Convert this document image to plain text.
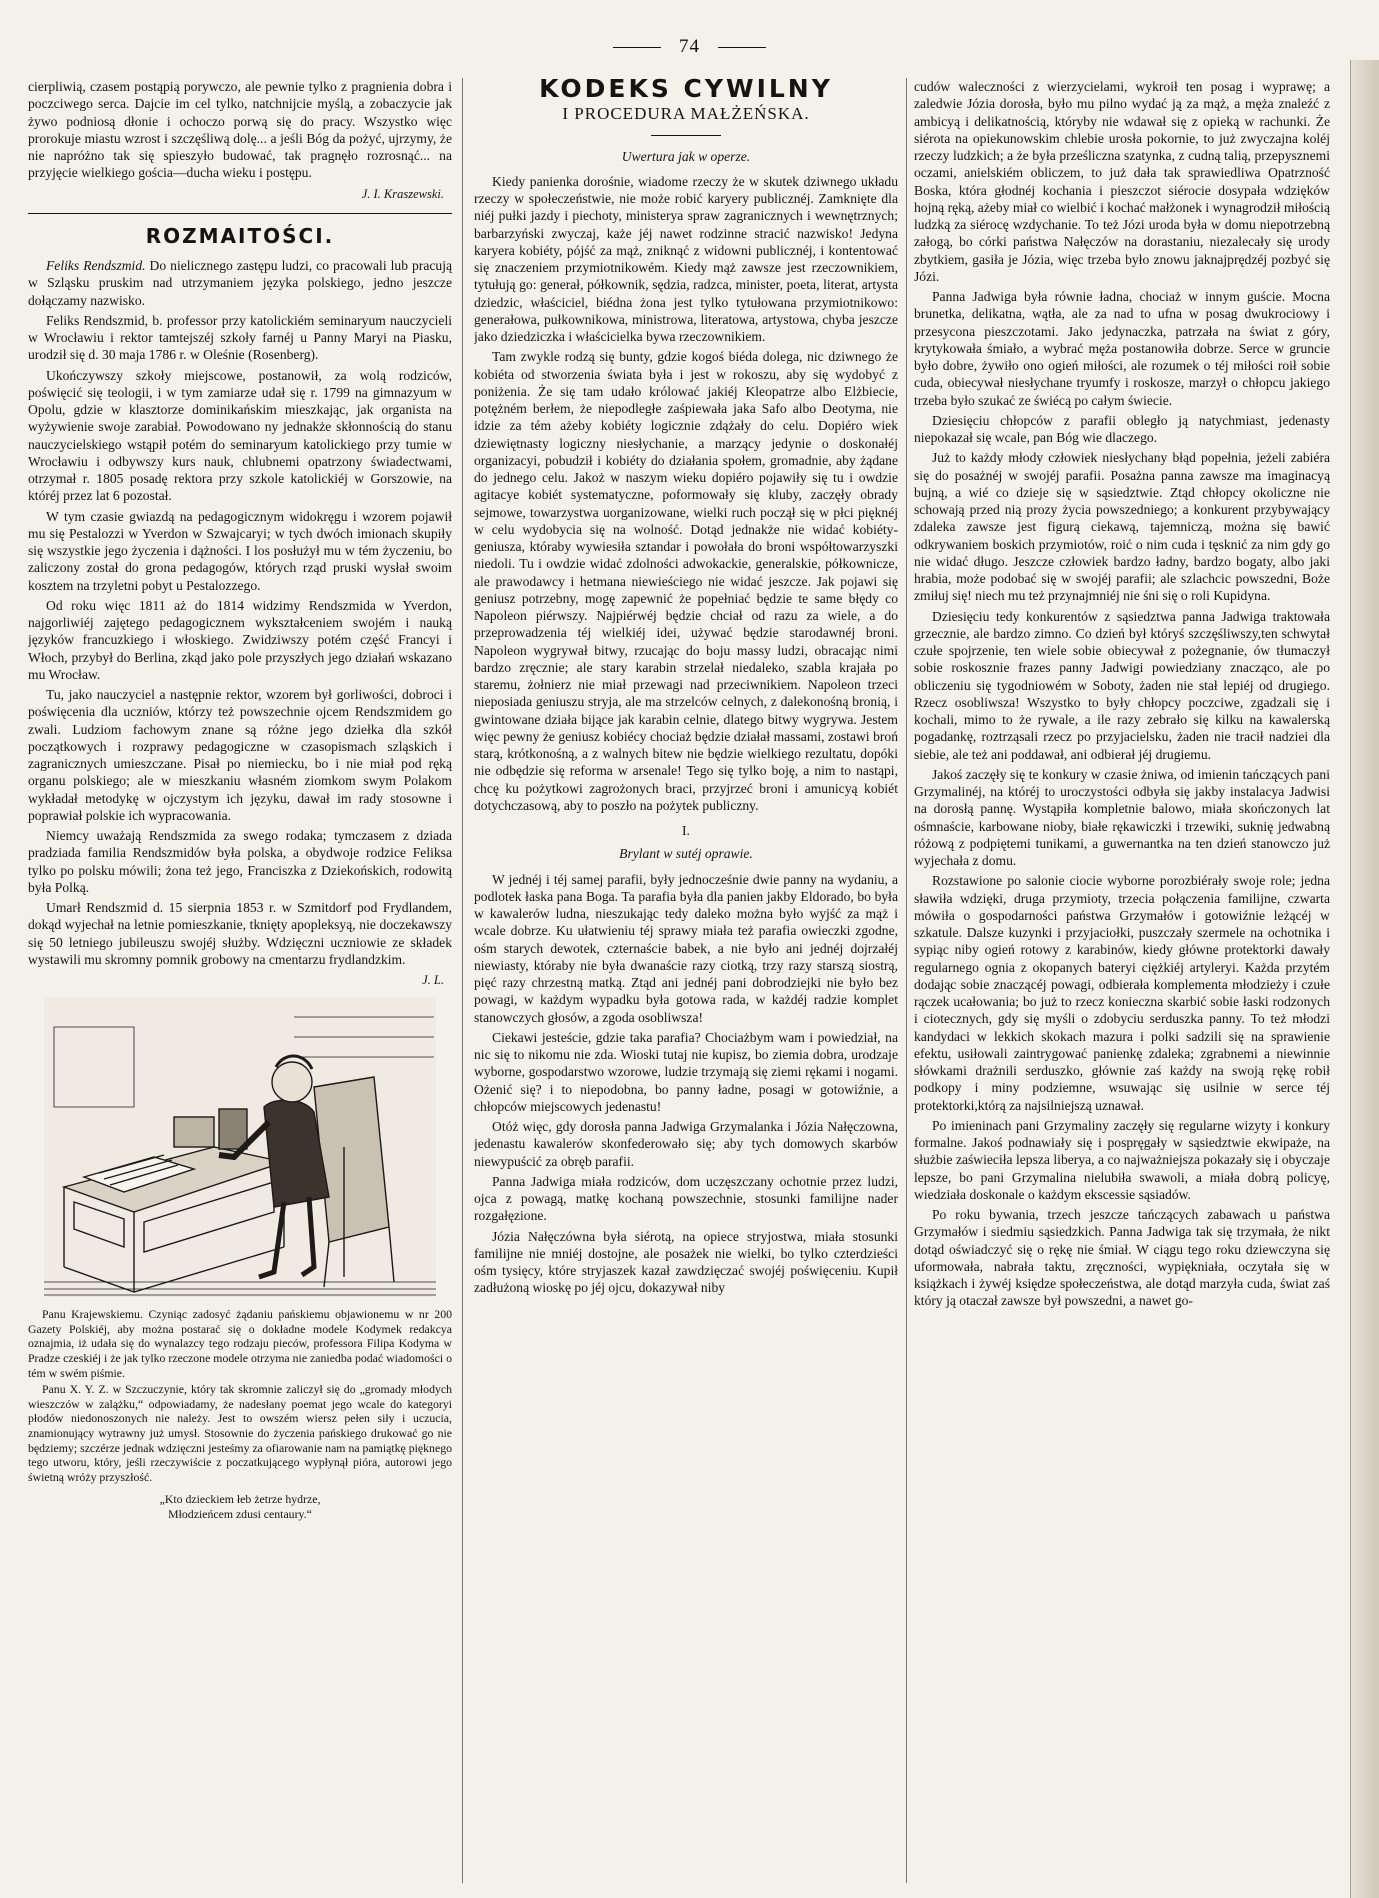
74

cierpliwią, czasem postąpią porywczo, ale pewnie tylko z pragnienia dobra i poczciwego serca. Dajcie im cel tylko, natchnijcie myślą, a zobaczycie jak żywo podniosą dłonie i ochoczo porwą się do pracy. Wszystko więc prorokuje miastu wzrost i szczęśliwą dolę... a jeśli Bóg da pożyć, ujrzymy, że nie napróżno tak się spieszyło budować, tak pragnęło rozrosnąć... na przyjęcie wielkiego gościa—ducha wieku i postępu.

J. I. Kraszewski.
ROZMAITOŚCI.

Feliks Rendszmid. Do nielicznego zastępu ludzi, co pracowali lub pracują w Szląsku pruskim nad utrzymaniem języka polskiego, jedno jeszcze dołączamy nazwisko.

Feliks Rendszmid, b. professor przy katolickiém seminaryum nauczycieli w Wrocławiu i rektor tamtejszéj szkoły farnéj u Panny Maryi na Piasku, urodził się d. 30 maja 1786 r. w Oleśnie (Rosenberg).

Ukończywszy szkoły miejscowe, postanowił, za wolą rodziców, poświęcić się teologii, i w tym zamiarze udał się r. 1799 na gimnazyum w Opolu, gdzie w klasztorze dominikańskim mieszkając, jak organista na wyżywienie swoje zarabiał. Powodowano ny jednakże skłonnością do stanu nauczycielskiego wstąpił potém do seminaryum katolickiego przy tumie w Wrocławiu i odbywszy kurs nauk, chlubnemi opatrzony świadectwami, otrzymał r. 1805 posadę rektora przy szkole katolickiéj w Gorszowie, na któréj przez lat 6 pozostał.

W tym czasie gwiazdą na pedagogicznym widokręgu i wzorem pojawił mu się Pestalozzi w Yverdon w Szwajcaryi; w tych dwóch imionach skupiły się wszystkie jego życzenia i dążności. I los posłużył mu w tém życzeniu, bo zaliczony został do grona pedagogów, których rząd pruski wysłał swoim kosztem na trzyletni pobyt u Pestalozzego.

Od roku więc 1811 aż do 1814 widzimy Rendszmida w Yverdon, najgorliwiéj zajętego pedagogicznem wykształceniem swojém i nauką języków francuzkiego i włoskiego. Zwidziwszy potém część Francyi i Włoch, przybył do Berlina, zkąd jako pole przyszłych jego działań wskazano mu Wrocław.

Tu, jako nauczyciel a następnie rektor, wzorem był gorliwości, dobroci i poświęcenia dla uczniów, którzy też powszechnie ojcem Rendszmidem go zwali. Ludziom fachowym znane są różne jego dziełka dla szkół początkowych i rozprawy pedagogiczne w czasopismach szląskich i zagranicznych umieszczane. Pisał po niemiecku, bo i nie miał pod ręką organu polskiego; ale w mieszkaniu własném ziomkom swym Polakom wykładał metodykę w ojczystym ich języku, dawał im rady stosowne i poprawiał polskie ich wypracowania.

Niemcy uważają Rendszmida za swego rodaka; tymczasem z dziada pradziada familia Rendszmidów była polska, a obydwoje rodzice Feliksa tylko po polsku mówili; żona też jego, Franciszka z Dziekońskich, rodowitą była Polką.

Umarł Rendszmid d. 15 sierpnia 1853 r. w Szmitdorf pod Frydlandem, dokąd wyjechał na letnie pomieszkanie, tknięty apopleksyą, nie doczekawszy się 50 letniego jubileuszu swojéj służby. Wdzięczni uczniowie ze składek wystawili mu skromny pomnik grobowy na cmentarzu frydlandzkim.

J. L.

Panu Krajewskiemu. Czyniąc zadosyć żądaniu pańskiemu objawionemu w nr 200 Gazety Polskiéj, aby można postarać się o dokładne modele Kodymek redakcya oznajmia, iż udała się do wynalazcy tego rodzaju pieców, professora Filipa Kodyma w Pradze czeskiéj i że jak tylko rzeczone modele otrzyma nie zaniedba podać wiadomości o tém w swém piśmie.

Panu X. Y. Z. w Szczuczynie, który tak skromnie zaliczył się do „gromady młodych wieszczów w zalążku,“ odpowiadamy, że nadesłany poemat jego wcale do kategoryi płodów niedonoszonych nie należy. Jest to owszém wiersz pełen siły i uczucia, znamionujący wytrawny już umysł. Stosownie do życzenia pańskiego drukować go nie będziemy; szczérze jednak wdzięczni jesteśmy za ofiarowanie nam na pamiątkę pięknego tego utworu, który, jeśli rzeczywiście z poczatkującego wypłynął pióra, autorowi jego świetną wróży przyszłość.

„Kto dzieckiem łeb żetrze hydrze,
Młodzieńcem zdusi centaury.“
KODEKS CYWILNY
I PROCEDURA MAŁŻEŃSKA.
Uwertura jak w operze.

Kiedy panienka dorośnie, wiadome rzeczy że w skutek dziwnego układu rzeczy w społeczeństwie, nie może robić karyery publicznéj. Zamknięte dla niéj pułki jazdy i piechoty, ministerya spraw zagranicznych i wewnętrznych; barbarzyński zwyczaj, każe jéj nawet rodzinne stracić nazwisko! Jedyna karyera kobiéty, pójść za mąż, zniknąć z widowni publicznéj, i kontentować się znaczeniem przymiotnikowém. Kiedy mąż zawsze jest rzeczownikiem, tytułują go: generał, półkownik, sędzia, radzca, minister, poeta, literat, artysta dziedzic, właściciel, biédna żona jest tylko tytułowana przymiotnikowo: generałowa, pułkownikowa, ministrowa, literatowa, artystowa, chyba jeszcze jako dziedziczka i właścicielka bywa rzeczownikiem.

Tam zwykle rodzą się bunty, gdzie kogoś biéda dolega, nic dziwnego że kobiéta od stworzenia świata była i jest w rokoszu, aby się wydobyć z poniżenia. Że się tam udało królować jakiéj Kleopatrze albo Elżbiecie, potężném berłem, że niepodległe zaśpiewała jaka Safo albo Deotyma, nie idzie za tém ażeby kobiéty logicznie zdążały do celu. Dopiéro wiek dziewiętnasty logiczny niesłychanie, a marzący jedynie o doskonałéj organizacyi, pobudził i kobiéty do działania społem, gromadnie, aby żądane do jednego celu. Jakoż w naszym wieku dopiéro pojawiły się tu i owdzie agitacye kobiét systematyczne, poformowały się kluby, zaczęły obrady sejmowe, towarzystwa uorganizowane, wielki ruch począł się w płci pięknéj w celu wydobycia się na wolność. Dotąd jednakże nie widać kobiéty-geniusza, któraby wywiesiła sztandar i powołała do broni współtowarzyszki niedoli. Tu i owdzie widać zdolności adwokackie, generalskie, półkownicze, ale prawodawcy i hetmana niewieściego nie widać jeszcze. Jak pojawi się geniusz potrzebny, mogę zapewnić że popełniać będzie te same błędy co Napoleon piérwszy. Najpiérwéj będzie chciał od razu za wiele, a do przeprowadzenia téj wielkiéj idei, używać będzie starodawnéj broni. Napoleon wygrywał bitwy, rzucając do boju massy ludzi, obracając nimi bardzo zręcznie; ale stary karabin strzelał niedaleko, szabla krajała po staremu, żołnierz nie miał przewagi nad przeciwnikiem. Napoleon trzeci nieposiada geniuszu stryja, ale ma strzelców celnych, z dalekonośną bronią, i gwintowane działa bijące jak karabin celnie, dlatego bitwy wygrywa. Jestem więc pewny że geniusz kobiécy chociaż będzie działał massami, zostawi broń starą, krótkonośną, a z walnych bitew nie będzie wielkiego rezultatu, dopóki nie odbędzie się reforma w arsenale! Tego się tylko boję, a nim to nastąpi, chcę ku pożytkowi zagrożonych braci, przyjrzeć broni i amunicyą kobiét dotychczasową, aby to poszło na pożytek publiczny.

I.
Brylant w sutéj oprawie.

W jednéj i téj samej parafii, były jednocześnie dwie panny na wydaniu, a podlotek łaska pana Boga. Ta parafia była dla panien jakby Eldorado, bo była w kawalerów ludna, nieszukając tedy daleko można było wyjść za mąż i wcale dobrze. Ku ułatwieniu téj sprawy miała też parafia owieczki zgodne, ośm starych dewotek, czternaście babek, a nie było ani jednéj dojrzałéj niewiasty, któraby nie była dwanaście razy ciotką, trzy razy starszą siostrą, pięć razy chrzestną matką. Ztąd ani jednéj pani dobrodziejki nie było bez powagi, w każdym wypadku była gotowa rada, w każdéj radzie komplet stanowczych głosów, a zgoda osobliwsza!

Ciekawi jesteście, gdzie taka parafia? Chociażbym wam i powiedział, na nic się to nikomu nie zda. Wioski tutaj nie kupisz, bo ziemia dobra, urodzaje wyborne, gospodarstwo wzorowe, ludzie trzymają się ziemi rękami i nogami. Ożenić się? i to niepodobna, bo panny ładne, posagi w gotowiźnie, a chłopców miejscowych jedenastu!

Otóż więc, gdy dorosła panna Jadwiga Grzymalanka i Józia Nałęczowna, jedenastu kawalerów skonfederowało się; aby tych domowych skarbów niewypuścić za obręb parafii.

Panna Jadwiga miała rodziców, dom uczęszczany ochotnie przez ludzi, ojca z powagą, matkę kochaną powszechnie, stosunki familijne nader rozgałęzione.

Józia Nałęczówna była siérotą, na opiece stryjostwa, miała stosunki familijne nie mniéj dostojne, ale posażek nie wielki, bo tylko czterdzieści ośm tysięcy, które stryjaszek kazał zawdzięczać swojéj poświęceniu. Kupił zadłużoną wioskę po jéj ojcu, dokazywał niby

cudów waleczności z wierzycielami, wykroił ten posag i wyprawę; a zaledwie Józia dorosła, było mu pilno wydać ją za mąż, a męża znaleźć z ambicyą i delikatnością, któryby nie wdawał się z opieką w rachunki. Że siérota na opiekunowskim chlebie urosła pokornie, to już zwyczajna koléj rzeczy ludzkich; a że była prześliczna szatynka, z cudną talią, przepysznemi oczami, anielskiém obliczem, to już dała tak sprawiedliwa Opatrzność Boska, która głodnéj kochania i pieszczot siérocie dosypała wdzięków hojną ręką, ażeby miał co wielbić i kochać małżonek i wynagrodził miłością ludzką za siérocę wzdychanie. To też Józi uroda była w domu niepotrzebną załogą, bo córki państwa Nałęczów na dorastaniu, niezalecały się urody zbytkiem, gasiła je Józia, więc trzeba było znowu jaknajprędzéj pozbyć się Józi.

Panna Jadwiga była równie ładna, chociaż w innym guście. Mocna brunetka, delikatna, wątła, ale za nad to ufna w posag dwukrociowy i przesycona pieszczotami. Jako jedynaczka, patrzała na świat z góry, krytykowała śmiało, a wybrać męża postanowiła dobrze. Serce w gruncie było dobre, żywiło ono ogień miłości, ale rozumek o téj miłości roił sobie cuda, obiecywał niesłychane tryumfy i roskosze, marzył o chłopcu jakiego trzeba było szukać ze świécą po całym świecie.

Dziesięciu chłopców z parafii obległo ją natychmiast, jedenasty niepokazał się wcale, pan Bóg wie dlaczego.

Już to każdy młody człowiek niesłychany błąd popełnia, jeżeli zabiéra się do posażnéj w swojéj parafii. Posażna panna zawsze ma imaginacyą bujną, a wié co dzieje się w sąsiedztwie. Ztąd chłopcy okoliczne nie schowają przed nią prozy życia powszedniego; a konkurent przybywający zdaleka zawsze jest figurą ciekawą, tajemniczą, można się bawić odkrywaniem boskich przymiotów, roić o nim cuda i tęsknić za nim gdy go nie widać długo. Jeszcze człowiek bardzo ładny, bardzo bogaty, albo jaki hrabia, może podobać się w swojéj parafii; ale szlachcic powszedni, Boże zmiłuj się! niech mu też przynajmniéj nie śni się o roli Kupidyna.

Dziesięciu tedy konkurentów z sąsiedztwa panna Jadwiga traktowała grzecznie, ale bardzo zimno. Co dzień był któryś szczęśliwszy,ten schwytał czułe spojrzenie, ten wiele sobie obiecywał z pożegnanie, ów tłumaczył sobie roskosznie frazes panny Jadwigi powiedziany znacząco, ale po obliczeniu się tygodniowém w Soboty, żaden nie stał lepiéj od drugiego. Rzecz osobliwsza! Wszystko to były chłopcy poczciwe, zgadzali się i kochali, mimo to że rywale, a ile razy zebrało się kilku na kawalerską pogadankę, roztrząsali rzecz po przyjacielsku, żaden nie tracił nadziei dla siebie, ale też ani poddawał, ani odbierał jéj drugiemu.

Jakoś zaczęły się te konkury w czasie żniwa, od imienin tańczących pani Grzymalinéj, na któréj to uroczystości odbyła się jakby instalacya Jadwisi na dorosłą pannę. Wystąpiła kompletnie balowo, miała skończonych lat ośmnaście, karbowane nioby, białe rękawiczki i trzewiki, suknię jedwabną różową z podpiętemi tunikami, a guwernantka na ten dzień stanowczo już wyjechała z domu.

Rozstawione po salonie ciocie wyborne porozbiérały swoje role; jedna sławiła wdzięki, druga przymioty, trzecia połączenia familijne, czwarta mówiła o gospodarności państwa Grzymałów i gotowiźnie leżącéj w szkatule. Dalsze kuzynki i przyjaciołki, puszczały szermele na ochotnika i sypiąc niby ogień rotowy z karabinów, kiedy główne protektorki dawały regularnego ognia z okopanych bateryi ciężkiéj artyleryi. Każda przytém dodając sobie znaczącéj powagi, odbierała komplementa młodzieży i czułe rączek ucałowania; bo już to rzecz konieczna skarbić sobie łaski rodzonych i ciotecznych, gdy się myśli o zdobyciu serduszka panny. To też młodzi kandydaci w lekkich skokach mazura i polki sadzili się na sprawienie efektu, usiłowali zaintrygować panienkę zdaleka; zgrabnemi a niewinnie słówkami drażnili serduszko, głównie zaś każdy na swoją rękę robił podkopy i miny podziemne, wsuwając się usilnie w serce téj protektorki,którą za najsilniejszą uznawał.

Po imieninach pani Grzymaliny zaczęły się regularne wizyty i konkury formalne. Jakoś podnawiały się i pospręgały w sąsiedztwie ekwipaże, na służbie zaświeciła lepsza liberya, a co najważniejsza pokazały się i obyczaje lepsze, bo pani Grzymalina nielubiła swawoli, a miała dobrą policyę, wiedziała doskonale o każdym ekscessie sąsiadów.

Po roku bywania, trzech jeszcze tańczących zabawach u państwa Grzymałów i siedmiu sąsiedzkich. Panna Jadwiga tak się trzymała, że nikt dotąd oświadczyć się o rękę nie śmiał. W ciągu tego roku dziewczyna się uformowała, nabrała taktu, zręczności, wypiękniała, oczytała się w książkach i żywéj księdze społeczeństwa, ale dotąd marzyła cuda, świat zaś który ją otaczał zawsze był powszedni, a nawet go-
